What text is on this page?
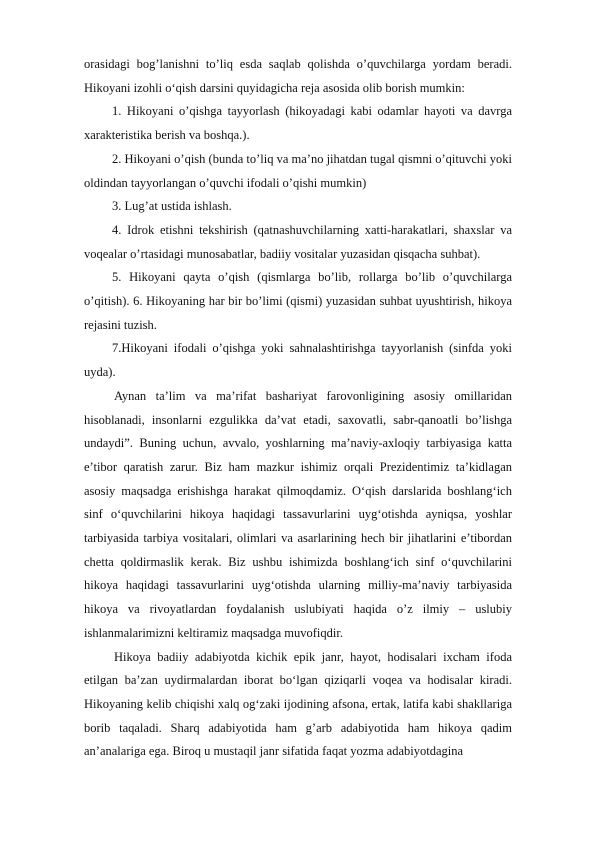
orasidagi bog’lanishni to’liq esda saqlab qolishda o’quvchilarga yordam beradi. Hikoyani izohli o‘qish darsini quyidagicha reja asosida olib borish mumkin:

1. Hikoyani o’qishga tayyorlash (hikoyadagi kabi odamlar hayoti va davrga xarakteristika berish va boshqa.).

2. Hikoyani o’qish (bunda to’liq va ma’no jihatdan tugal qismni o’qituvchi yoki oldindan tayyorlangan o’quvchi ifodali o’qishi mumkin)

3. Lug’at ustida ishlash.

4. Idrok etishni tekshirish (qatnashuvchilarning xatti-harakatlari, shaxslar va voqealar o’rtasidagi munosabatlar, badiiy vositalar yuzasidan qisqacha suhbat).

5. Hikoyani qayta o’qish (qismlarga bo’lib, rollarga bo’lib o’quvchilarga o’qitish). 6. Hikoyaning har bir bo’limi (qismi) yuzasidan suhbat uyushtirish, hikoya rejasini tuzish.

7.Hikoyani ifodali o’qishga yoki sahnalashtirishga tayyorlanish (sinfda yoki uyda).

Aynan ta’lim va ma’rifat bashariyat farovonligining asosiy omillaridan hisoblanadi, insonlarni ezgulikka da’vat etadi, saxovatli, sabr-qanoatli bo’lishga undaydi”. Buning uchun, avvalo, yoshlarning ma’naviy-axloqiy tarbiyasiga katta e’tibor qaratish zarur. Biz ham mazkur ishimiz orqali Prezidentimiz ta’kidlagan asosiy maqsadga erishishga harakat qilmoqdamiz. O‘qish darslarida boshlang‘ich sinf o‘quvchilarini hikoya haqidagi tassavurlarini uyg‘otishda ayniqsa, yoshlar tarbiyasida tarbiya vositalari, olimlari va asarlarining hech bir jihatlarini e’tibordan chetta qoldirmaslik kerak. Biz ushbu ishimizda boshlang‘ich sinf o‘quvchilarini hikoya haqidagi tassavurlarini uyg‘otishda ularning milliy-ma’naviy tarbiyasida hikoya va rivoyatlardan foydalanish uslubiyati haqida o’z ilmiy – uslubiy ishlanmalarimizni keltiramiz maqsadga muvofiqdir.

Hikoya badiiy adabiyotda kichik epik janr, hayot, hodisalari ixcham ifoda etilgan ba’zan uydirmalardan iborat bo‘lgan qiziqarli voqea va hodisalar kiradi. Hikoyaning kelib chiqishi xalq og‘zaki ijodining afsona, ertak, latifa kabi shakllariga borib taqaladi. Sharq adabiyotida ham g’arb adabiyotida ham hikoya qadim an’analariga ega. Biroq u mustaqil janr sifatida faqat yozma adabiyotdagina
